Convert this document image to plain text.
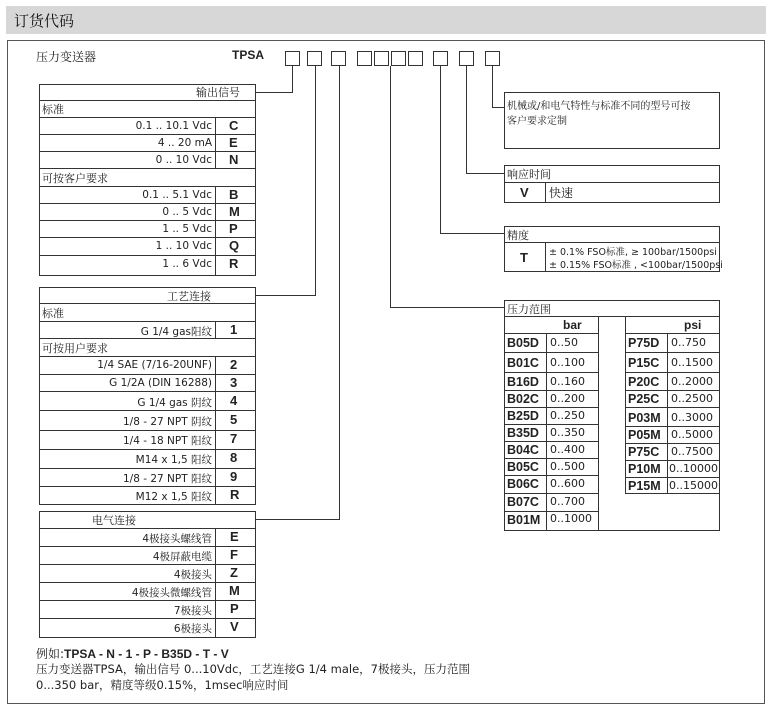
订货代码
压力变送器	TPSA
输出信号
标准
可按客户要求
0.1 .. 10.1 Vdc C
4 .. 20 mA E
0 .. 10 Vdc N
0.1 .. 5.1 Vdc B
0 .. 5 Vdc M
1 .. 5 Vdc P
1 .. 10 Vdc Q
1 .. 6 Vdc R
工艺连接
标准
可按用户要求
G 1/4 gas阳纹 1
1/4 SAE (7/16-20UNF) 2
G 1/2A (DIN 16288) 3
G 1/4 gas 阴纹 4
1/8 - 27 NPT 阴纹 5
1/4 - 18 NPT 阳纹 7
M14 x 1,5 阳纹 8
1/8 - 27 NPT 阳纹 9
M12 x 1,5 阳纹 R
电气连接
4极接头螺线管 E
4极屏蔽电缆 F
4极接头 Z
4极接头微螺线管 M
7极接头 P
6极接头 V
机械或/和电气特性与标准不同的型号可按
客户要求定制
响应时间
V 快速
精度
T ± 0.1% FSO标准, ≥ 100bar/1500psi
± 0.15% FSO标准 , <100bar/1500psi
压力范围
bar	psi
B05D 0..50
B01C 0..100
B16D 0..160
B02C 0..200
B25D 0..250
B35D 0..350
B04C 0..400
B05C 0..500
B06C 0..600
B07C 0..700
B01M 0..1000
P75D 0..750
P15C 0..1500
P20C 0..2000
P25C 0..2500
P03M 0..3000
P05M 0..5000
P75C 0..7500
P10M 0..10000
P15M 0..15000
例如:TPSA - N - 1 - P - B35D - T - V
压力变送器TPSA，输出信号 0...10Vdc，工艺连接G 1/4 male，7极接头，压力范围
0...350 bar，精度等级0.15%，1msec响应时间
